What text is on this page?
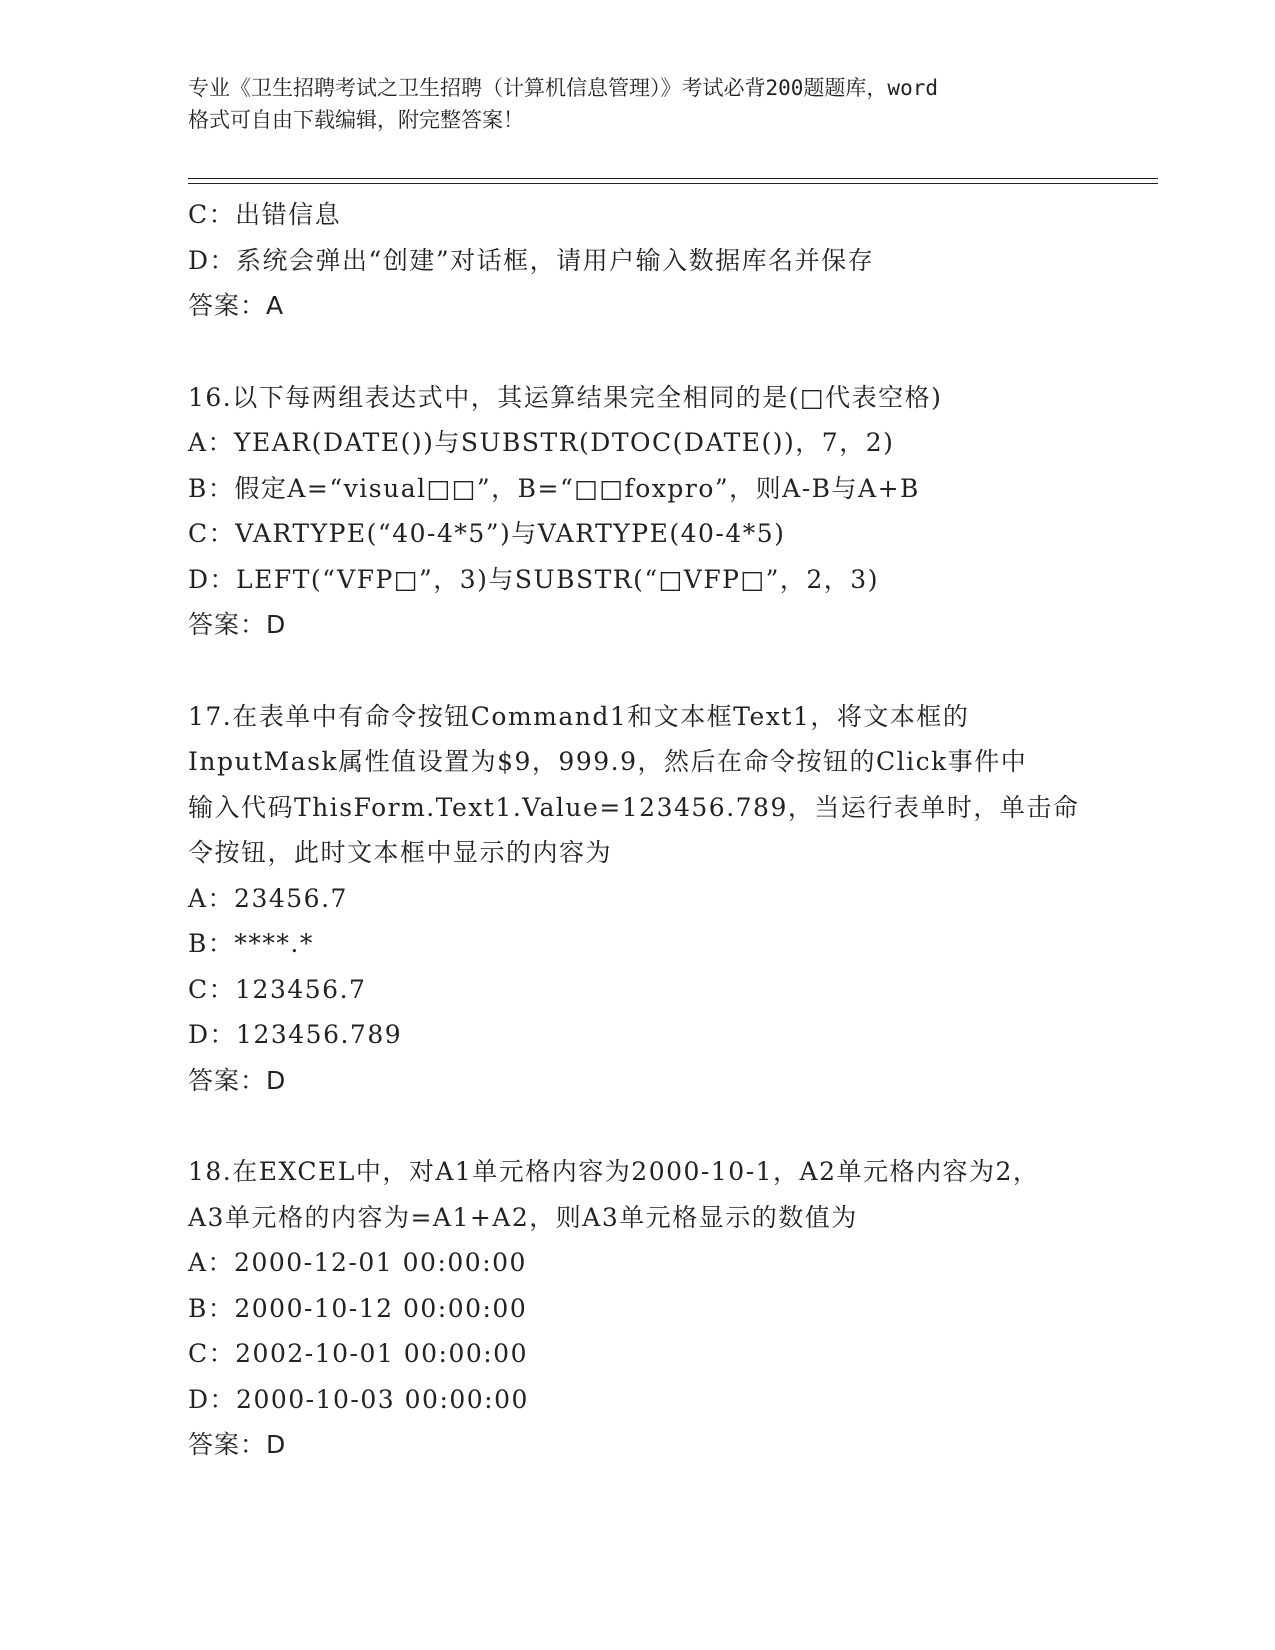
专业《卫生招聘考试之卫生招聘（计算机信息管理）》考试必背200题题库，word
格式可自由下载编辑，附完整答案！
C：出错信息
D：系统会弹出“创建”对话框，请用户输入数据库名并保存
答案：A
16.以下每两组表达式中，其运算结果完全相同的是(□代表空格)
A：YEAR(DATE())与SUBSTR(DTOC(DATE())，7，2)
B：假定A=“visual□□”，B=“□□foxpro”，则A-B与A+B
C：VARTYPE(“40-4*5”)与VARTYPE(40-4*5)
D：LEFT(“VFP□”，3)与SUBSTR(“□VFP□”，2，3)
答案：D
17.在表单中有命令按钮Command1和文本框Text1，将文本框的
InputMask属性值设置为$9，999.9，然后在命令按钮的Click事件中
输入代码ThisForm.Text1.Value=123456.789，当运行表单时，单击命
令按钮，此时文本框中显示的内容为
A：23456.7
B：****.*
C：123456.7
D：123456.789
答案：D
18.在EXCEL中，对A1单元格内容为2000-10-1，A2单元格内容为2，
A3单元格的内容为=A1+A2，则A3单元格显示的数值为
A：2000-12-01 00:00:00
B：2000-10-12 00:00:00
C：2002-10-01 00:00:00
D：2000-10-03 00:00:00
答案：D
